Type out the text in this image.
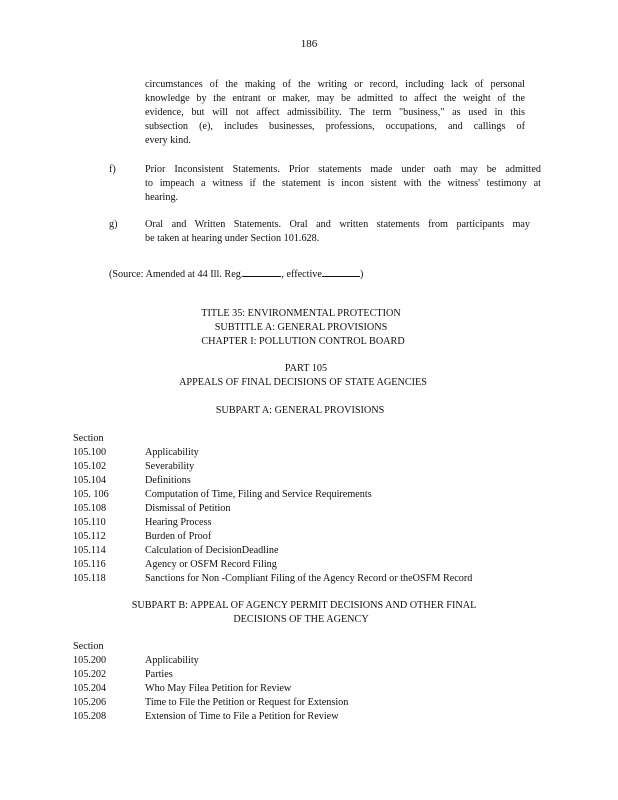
186
circumstances of the making of the writing or record, including lack of personal
knowledge by the entrant or maker, may be admitted to affect the weight of the
evidence, but will not affect admissibility. The term "business," as used in this
subsection (e), includes businesses, professions, occupations, and callings of
every kind.
f)	Prior Inconsistent Statements. Prior statements made under oath may be admitted
to impeach a witness if the statement is incon sistent with the witness' testimony at
hearing.
g)	Oral and Written Statements. Oral and written statements from participants may
be taken at hearing under Section 101.628.
(Source: Amended at 44 Ill. Reg.	, effective	)
TITLE 35: ENVIRONMENTAL PROTECTION
SUBTITLE A: GENERAL PROVISIONS
CHAPTER I: POLLUTION CONTROL BOARD
PART 105
APPEALS OF FINAL DECISIONS OF STATE AGENCIES
SUBPART A: GENERAL PROVISIONS
Section
105.100	Applicability
105.102	Severability
105.104	Definitions
105. 106	Computation of Time, Filing and Service Requirements
105.108	Dismissal of Petition
105.110	Hearing Process
105.112	Burden of Proof
105.114	Calculation of DecisionDeadline
105.116	Agency or OSFM Record Filing
105.118	Sanctions for Non -Compliant Filing of the Agency Record or theOSFM Record
SUBPART B: APPEAL OF AGENCY PERMIT DECISIONS AND OTHER FINAL
DECISIONS OF THE AGENCY
Section
105.200	Applicability
105.202	Parties
105.204	Who May Filea Petition for Review
105.206	Time to File the Petition or Request for Extension
105.208	Extension of Time to File a Petition for Review
